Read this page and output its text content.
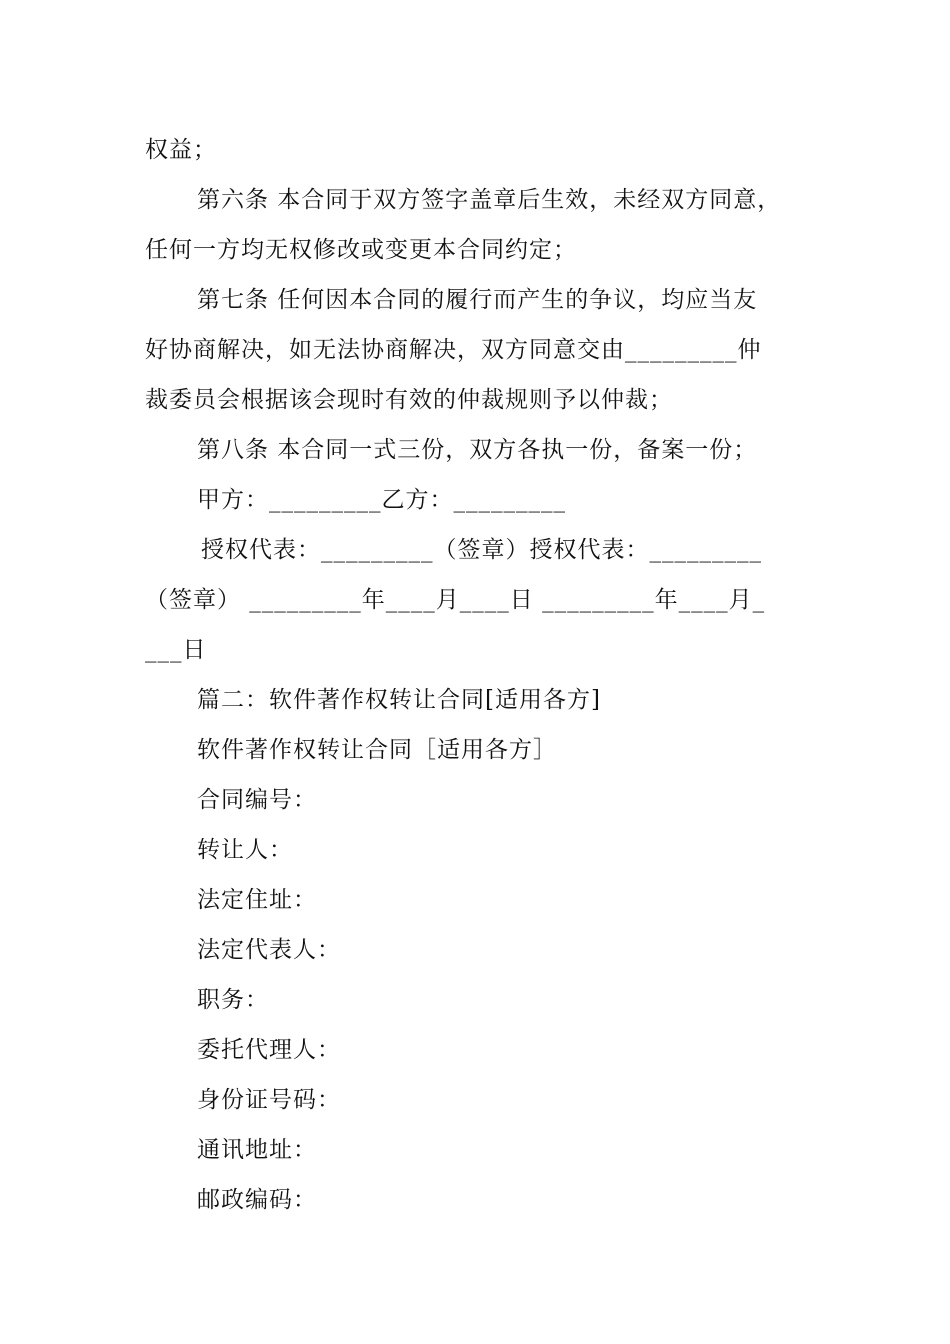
权益；
第六条 本合同于双方签字盖章后生效，未经双方同意，
任何一方均无权修改或变更本合同约定；
第七条 任何因本合同的履行而产生的争议，均应当友
好协商解决，如无法协商解决，双方同意交由_________仲
裁委员会根据该会现时有效的仲裁规则予以仲裁；
第八条 本合同一式三份，双方各执一份，备案一份；
甲方：_________乙方：_________
授权代表：_________（签章）授权代表：_________
（签章） _________年____月____日 _________年____月_
___日
篇二：软件著作权转让合同[适用各方]
软件著作权转让合同［适用各方］
合同编号：
转让人：
法定住址：
法定代表人：
职务：
委托代理人：
身份证号码：
通讯地址：
邮政编码：
